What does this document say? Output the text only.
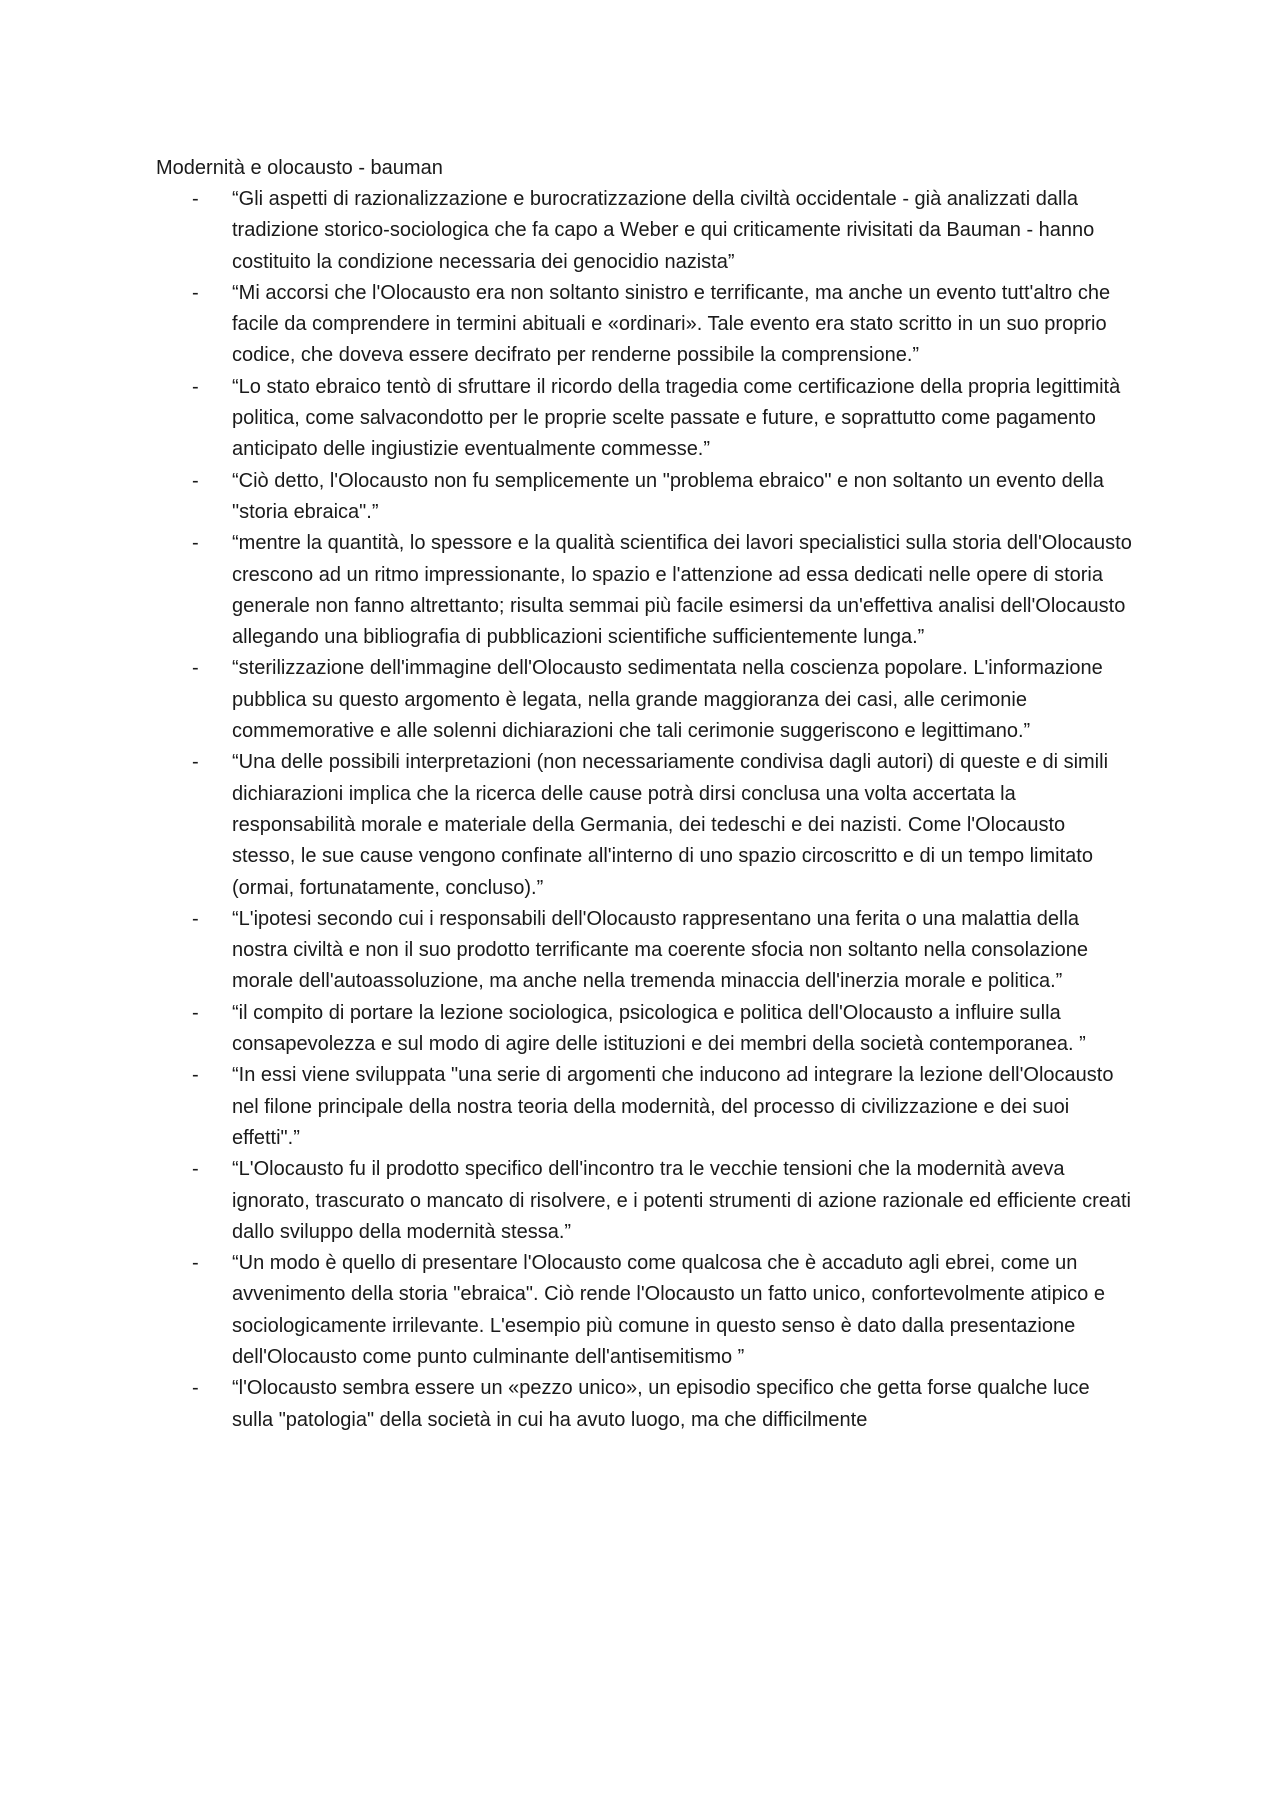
Modernità e olocausto - bauman
- “Gli aspetti di razionalizzazione e burocratizzazione della civiltà occidentale - già analizzati dalla tradizione storico-sociologica che fa capo a Weber e qui criticamente rivisitati da Bauman - hanno costituito la condizione necessaria dei genocidio nazista”
- “Mi accorsi che l'Olocausto era non soltanto sinistro e terrificante, ma anche un evento tutt'altro che facile da comprendere in termini abituali e «ordinari». Tale evento era stato scritto in un suo proprio codice, che doveva essere decifrato per renderne possibile la comprensione.”
- “Lo stato ebraico tentò di sfruttare il ricordo della tragedia come certificazione della propria legittimità politica, come salvacondotto per le proprie scelte passate e future, e soprattutto come pagamento anticipato delle ingiustizie eventualmente commesse.”
- “Ciò detto, l'Olocausto non fu semplicemente un "problema ebraico" e non soltanto un evento della "storia ebraica".”
- “mentre la quantità, lo spessore e la qualità scientifica dei lavori specialistici sulla storia dell'Olocausto crescono ad un ritmo impressionante, lo spazio e l'attenzione ad essa dedicati nelle opere di storia generale non fanno altrettanto; risulta semmai più facile esimersi da un'effettiva analisi dell'Olocausto allegando una bibliografia di pubblicazioni scientifiche sufficientemente lunga.”
- “sterilizzazione dell'immagine dell'Olocausto sedimentata nella coscienza popolare. L'informazione pubblica su questo argomento è legata, nella grande maggioranza dei casi, alle cerimonie commemorative e alle solenni dichiarazioni che tali cerimonie suggeriscono e legittimano.”
- “Una delle possibili interpretazioni (non necessariamente condivisa dagli autori) di queste e di simili dichiarazioni implica che la ricerca delle cause potrà dirsi conclusa una volta accertata la responsabilità morale e materiale della Germania, dei tedeschi e dei nazisti. Come l'Olocausto stesso, le sue cause vengono confinate all'interno di uno spazio circoscritto e di un tempo limitato (ormai, fortunatamente, concluso).”
- “L'ipotesi secondo cui i responsabili dell'Olocausto rappresentano una ferita o una malattia della nostra civiltà e non il suo prodotto terrificante ma coerente sfocia non soltanto nella consolazione morale dell'autoassoluzione, ma anche nella tremenda minaccia dell'inerzia morale e politica.”
- “il compito di portare la lezione sociologica, psicologica e politica dell'Olocausto a influire sulla consapevolezza e sul modo di agire delle istituzioni e dei membri della società contemporanea. ”
- “In essi viene sviluppata "una serie di argomenti che inducono ad integrare la lezione dell'Olocausto nel filone principale della nostra teoria della modernità, del processo di civilizzazione e dei suoi effetti".”
- “L'Olocausto fu il prodotto specifico dell'incontro tra le vecchie tensioni che la modernità aveva ignorato, trascurato o mancato di risolvere, e i potenti strumenti di azione razionale ed efficiente creati dallo sviluppo della modernità stessa.”
- “Un modo è quello di presentare l'Olocausto come qualcosa che è accaduto agli ebrei, come un avvenimento della storia "ebraica". Ciò rende l'Olocausto un fatto unico, confortevolmente atipico e sociologicamente irrilevante. L'esempio più comune in questo senso è dato dalla presentazione dell'Olocausto come punto culminante dell'antisemitismo ”
- “l'Olocausto sembra essere un «pezzo unico», un episodio specifico che getta forse qualche luce sulla "patologia" della società in cui ha avuto luogo, ma che difficilmente
